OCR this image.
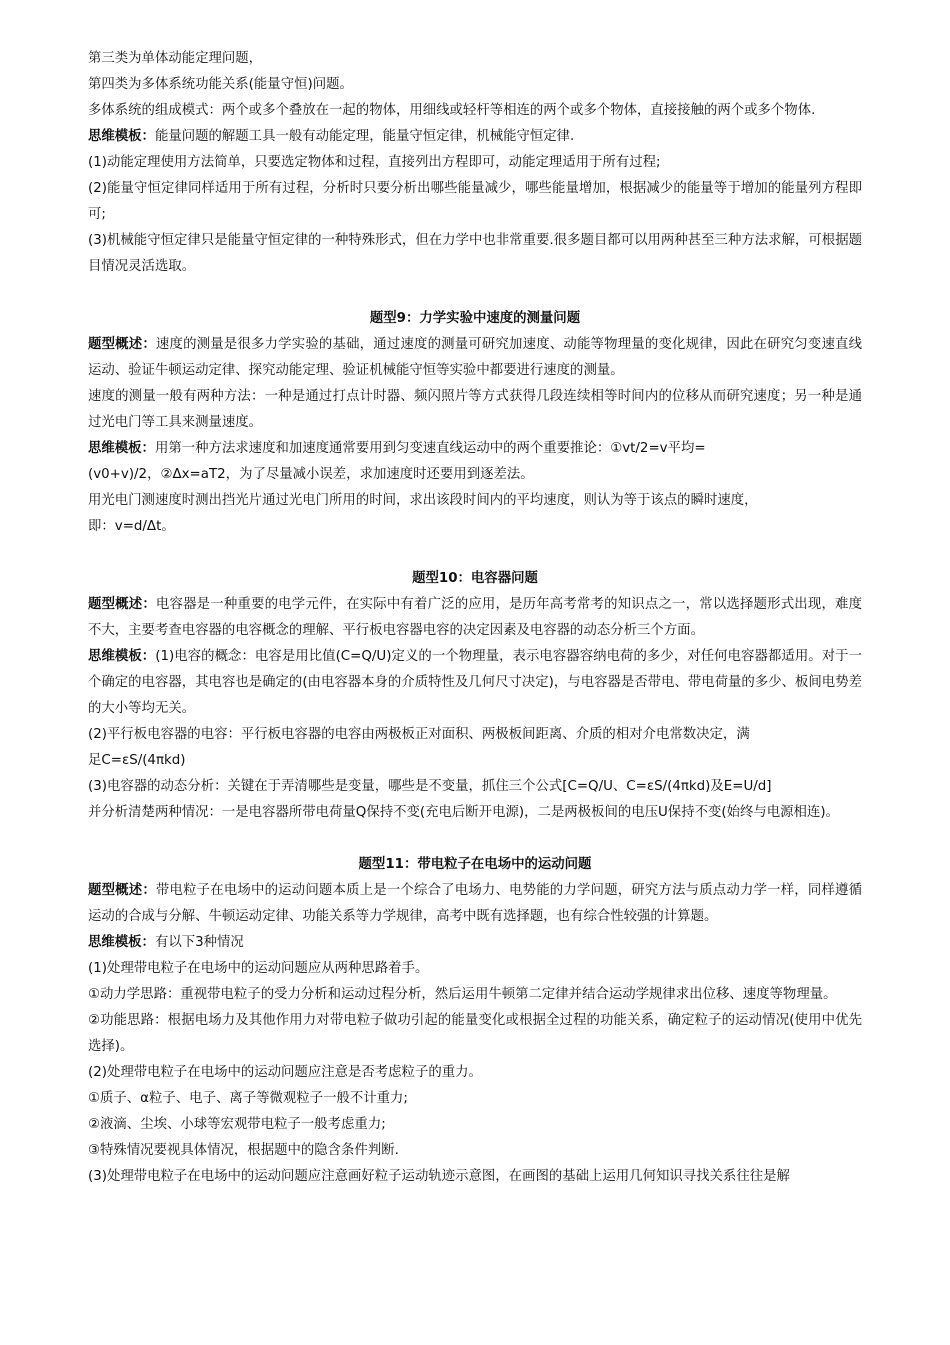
第三类为单体动能定理问题，

第四类为多体系统功能关系(能量守恒)问题。

多体系统的组成模式：两个或多个叠放在一起的物体，用细线或轻杆等相连的两个或多个物体，直接接触的两个或多个物体.

思维模板：能量问题的解题工具一般有动能定理，能量守恒定律，机械能守恒定律.

(1)动能定理使用方法简单，只要选定物体和过程，直接列出方程即可，动能定理适用于所有过程;

(2)能量守恒定律同样适用于所有过程，分析时只要分析出哪些能量减少，哪些能量增加，根据减少的能量等于增加的能量列方程即可;

(3)机械能守恒定律只是能量守恒定律的一种特殊形式，但在力学中也非常重要.很多题目都可以用两种甚至三种方法求解，可根据题目情况灵活选取。

题型9：力学实验中速度的测量问题

题型概述：速度的测量是很多力学实验的基础，通过速度的测量可研究加速度、动能等物理量的变化规律，因此在研究匀变速直线运动、验证牛顿运动定律、探究动能定理、验证机械能守恒等实验中都要进行速度的测量。

速度的测量一般有两种方法：一种是通过打点计时器、频闪照片等方式获得几段连续相等时间内的位移从而研究速度；另一种是通过光电门等工具来测量速度。

思维模板：用第一种方法求速度和加速度通常要用到匀变速直线运动中的两个重要推论：①vt/2=v平均=

(v0+v)/2，②Δx=aT2，为了尽量减小误差，求加速度时还要用到逐差法。

用光电门测速度时测出挡光片通过光电门所用的时间，求出该段时间内的平均速度，则认为等于该点的瞬时速度，

即：v=d/Δt。

题型10：电容器问题

题型概述：电容器是一种重要的电学元件，在实际中有着广泛的应用，是历年高考常考的知识点之一，常以选择题形式出现，难度不大，主要考查电容器的电容概念的理解、平行板电容器电容的决定因素及电容器的动态分析三个方面。

思维模板：(1)电容的概念：电容是用比值(C=Q/U)定义的一个物理量，表示电容器容纳电荷的多少，对任何电容器都适用。对于一个确定的电容器，其电容也是确定的(由电容器本身的介质特性及几何尺寸决定)，与电容器是否带电、带电荷量的多少、板间电势差的大小等均无关。

(2)平行板电容器的电容：平行板电容器的电容由两极板正对面积、两极板间距离、介质的相对介电常数决定，满

足C=εS/(4πkd)

(3)电容器的动态分析：关键在于弄清哪些是变量，哪些是不变量，抓住三个公式[C=Q/U、C=εS/(4πkd)及E=U/d]

并分析清楚两种情况：一是电容器所带电荷量Q保持不变(充电后断开电源)，二是两极板间的电压U保持不变(始终与电源相连)。

题型11：带电粒子在电场中的运动问题

题型概述：带电粒子在电场中的运动问题本质上是一个综合了电场力、电势能的力学问题，研究方法与质点动力学一样，同样遵循运动的合成与分解、牛顿运动定律、功能关系等力学规律，高考中既有选择题，也有综合性较强的计算题。

思维模板：有以下3种情况

(1)处理带电粒子在电场中的运动问题应从两种思路着手。

①动力学思路：重视带电粒子的受力分析和运动过程分析，然后运用牛顿第二定律并结合运动学规律求出位移、速度等物理量。

②功能思路：根据电场力及其他作用力对带电粒子做功引起的能量变化或根据全过程的功能关系，确定粒子的运动情况(使用中优先选择)。

(2)处理带电粒子在电场中的运动问题应注意是否考虑粒子的重力。

①质子、α粒子、电子、离子等微观粒子一般不计重力;

②液滴、尘埃、小球等宏观带电粒子一般考虑重力;

③特殊情况要视具体情况，根据题中的隐含条件判断.

(3)处理带电粒子在电场中的运动问题应注意画好粒子运动轨迹示意图，在画图的基础上运用几何知识寻找关系往往是解
